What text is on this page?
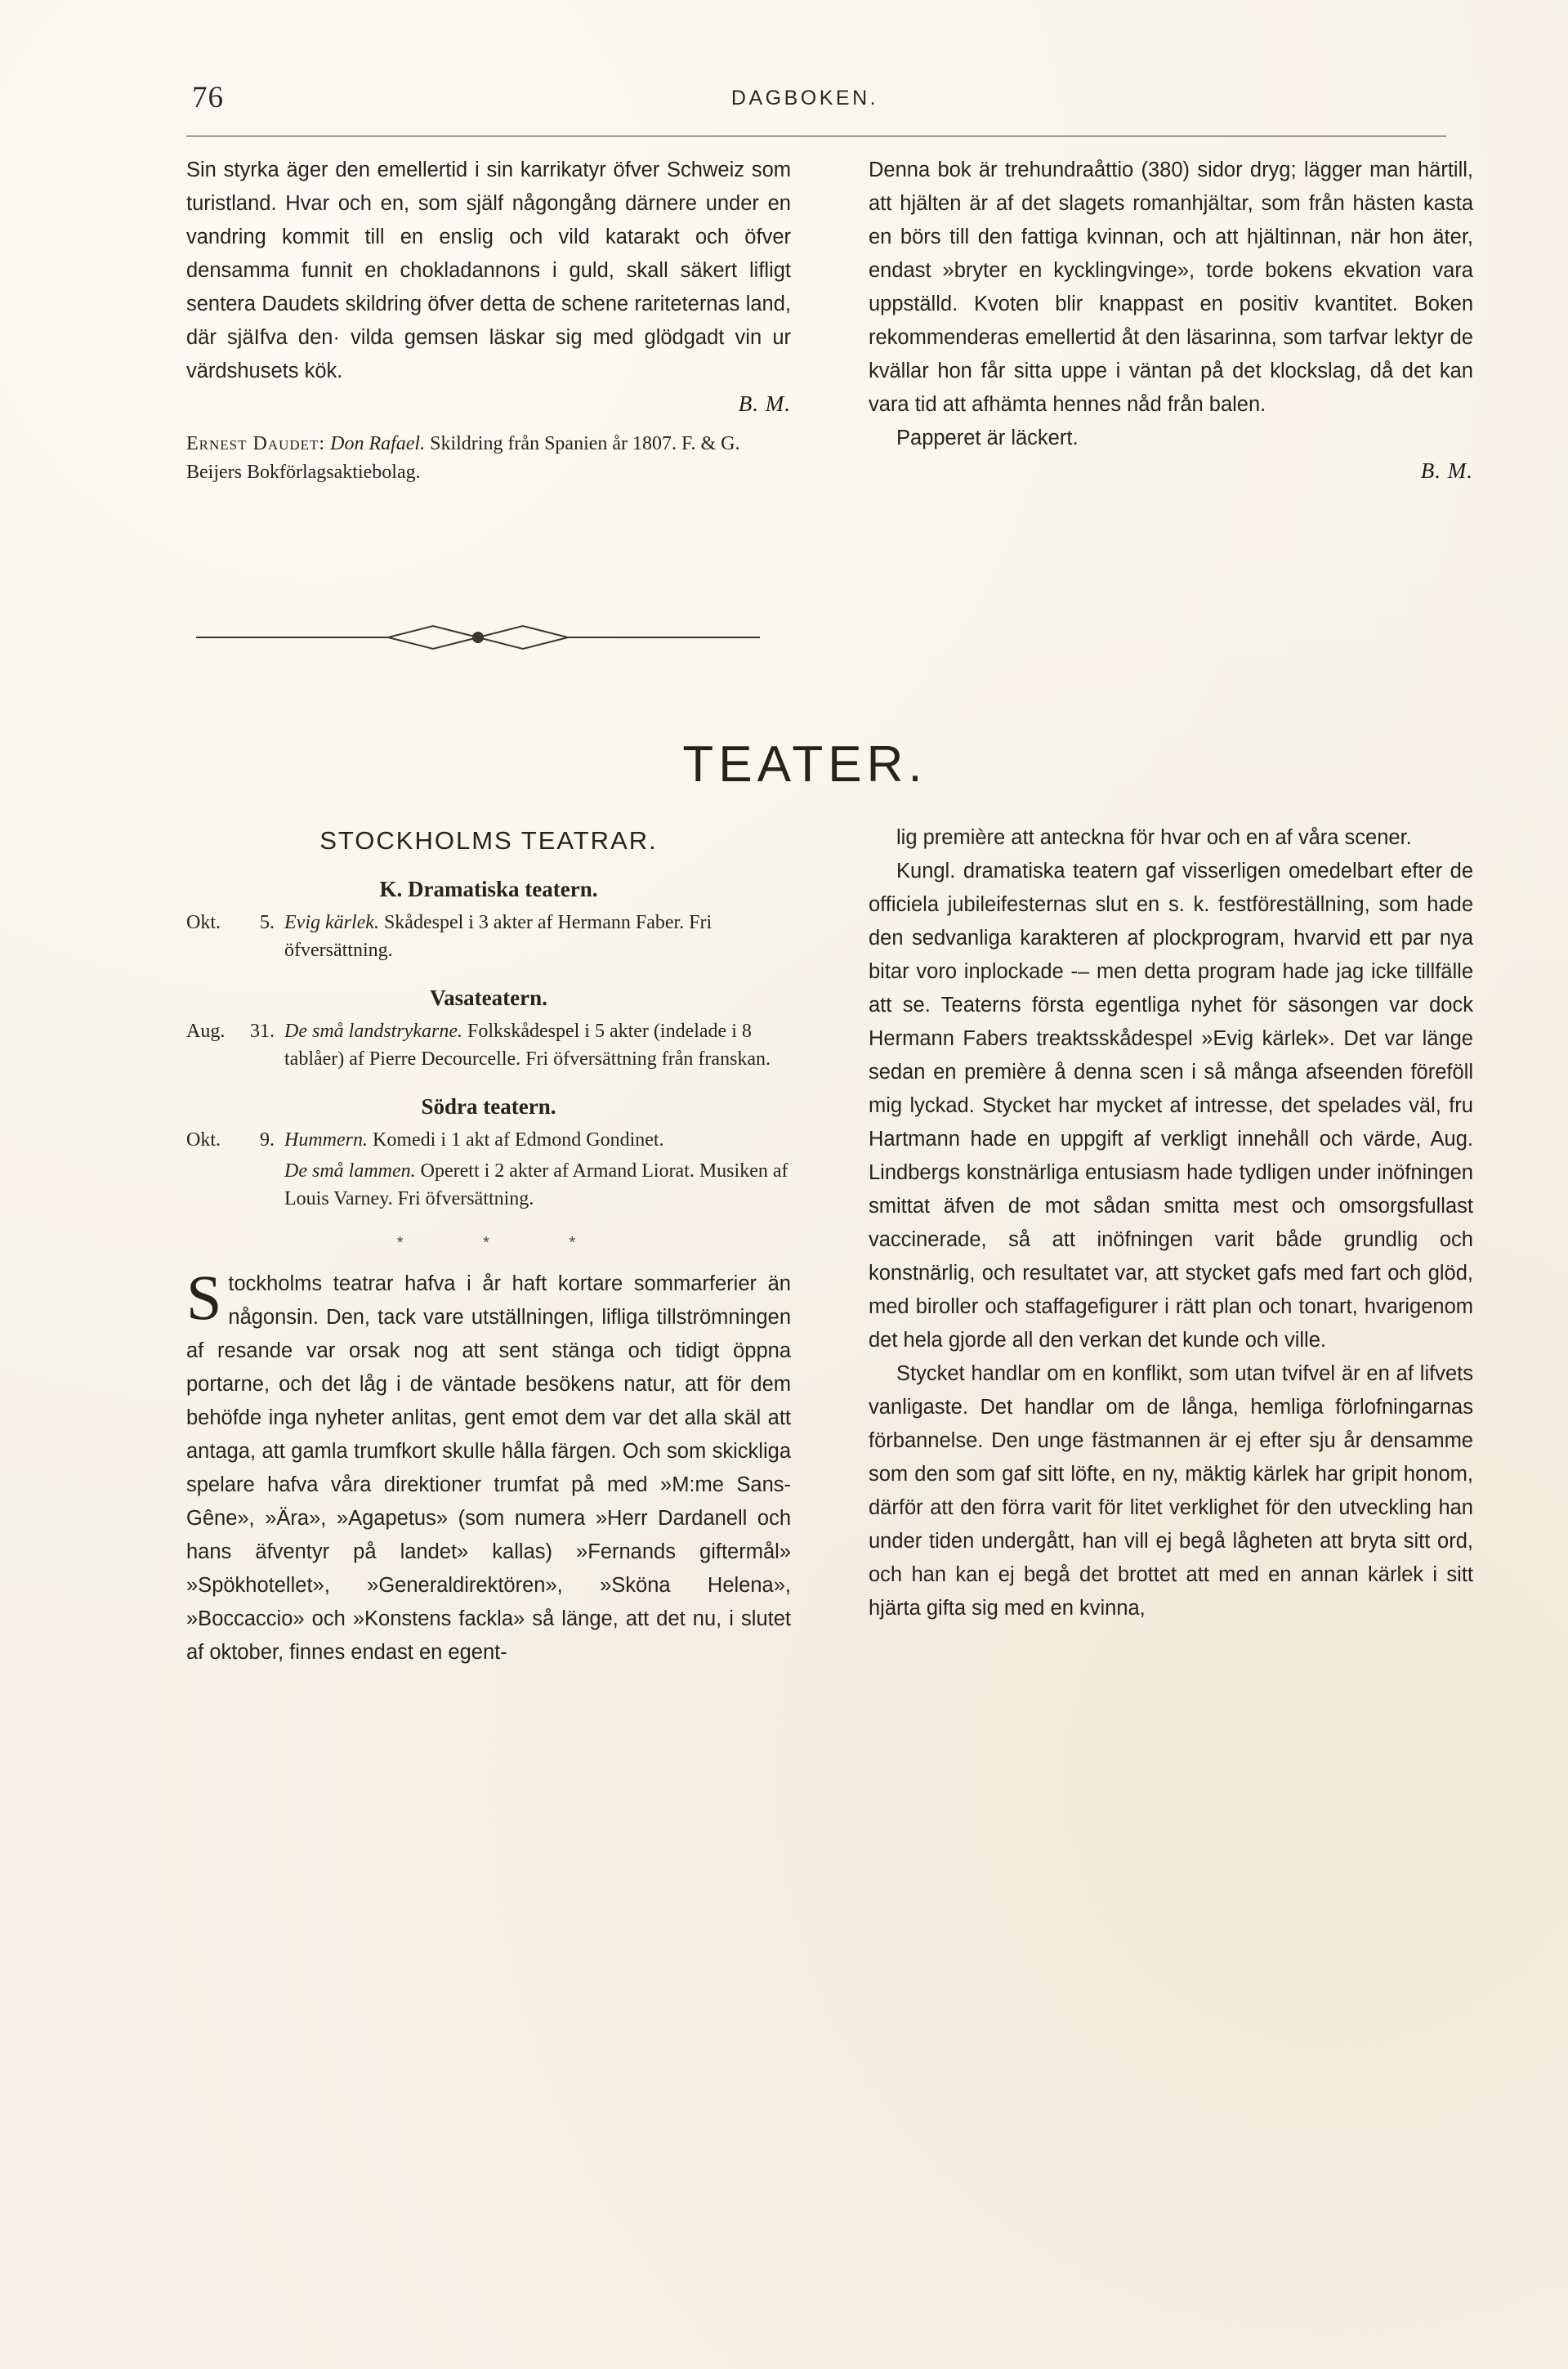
76	DAGBOKEN.

Sin styrka äger den emellertid i sin karrikatyr öfver Schweiz som turistland. Hvar och en, som själf någongång därnere under en vandring kommit till en enslig och vild katarakt och öfver densamma funnit en chokladannons i guld, skall säkert lifligt sentera Daudets skildring öfver detta de schene rariteternas land, där sjäIfva den· vilda gemsen läskar sig med glödgadt vin ur värdshusets kök.

B. M.
Ernest Daudet: Don Rafael. Skildring från Spanien år 1807. F. & G. Beijers Bokförlagsaktiebolag.

Denna bok är trehundraåttio (380) sidor dryg; lägger man härtill, att hjälten är af det slagets romanhjältar, som från hästen kasta en börs till den fattiga kvinnan, och att hjältinnan, när hon äter, endast »bryter en kycklingvinge», torde bokens ekvation vara uppställd. Kvoten blir knappast en positiv kvantitet. Boken rekommenderas emellertid åt den läsarinna, som tarfvar lektyr de kvällar hon får sitta uppe i väntan på det klockslag, då det kan vara tid att afhämta hennes nåd från balen.

Papperet är läckert.

B. M.
TEATER.
STOCKHOLMS TEATRAR.
K. Dramatiska teatern.
Okt. 5. Evig kärlek. Skådespel i 3 akter af Hermann Faber. Fri öfversättning.
Vasateatern.
Aug. 31. De små landstrykarne. Folkskådespel i 5 akter (indelade i 8 tablåer) af Pierre Decourcelle. Fri öfversättning från franskan.
Södra teatern.
Okt. 9. Hummern. Komedi i 1 akt af Edmond Gondinet.
De små lammen. Operett i 2 akter af Armand Liorat. Musiken af Louis Varney. Fri öfversättning.
* * *

Stockholms teatrar hafva i år haft kortare sommarferier än någonsin. Den, tack vare utställningen, lifliga tillströmningen af resande var orsak nog att sent stänga och tidigt öppna portarne, och det låg i de väntade besökens natur, att för dem behöfde inga nyheter anlitas, gent emot dem var det alla skäl att antaga, att gamla trumfkort skulle hålla färgen. Och som skickliga spelare hafva våra direktioner trumfat på med »M:me Sans-Gêne», »Ära», »Agapetus» (som numera »Herr Dardanell och hans äfventyr på landet» kallas) »Fernands giftermål» »Spökhotellet», »Generaldirektören», »Sköna Helena», »Boccaccio» och »Konstens fackla» så länge, att det nu, i slutet af oktober, finnes endast en egent-

lig première att anteckna för hvar och en af våra scener.

Kungl. dramatiska teatern gaf visserligen omedelbart efter de officiela jubileifesternas slut en s. k. festföreställning, som hade den sedvanliga karakteren af plockprogram, hvarvid ett par nya bitar voro inplockade -– men detta program hade jag icke tillfälle att se. Teaterns första egentliga nyhet för säsongen var dock Hermann Fabers treaktsskådespel »Evig kärlek». Det var länge sedan en première å denna scen i så många afseenden föreföll mig lyckad. Stycket har mycket af intresse, det spelades väl, fru Hartmann hade en uppgift af verkligt innehåll och värde, Aug. Lindbergs konstnärliga entusiasm hade tydligen under inöfningen smittat äfven de mot sådan smitta mest och omsorgsfullast vaccinerade, så att inöfningen varit både grundlig och konstnärlig, och resultatet var, att stycket gafs med fart och glöd, med biroller och staffagefigurer i rätt plan och tonart, hvarigenom det hela gjorde all den verkan det kunde och ville.

Stycket handlar om en konflikt, som utan tvifvel är en af lifvets vanligaste. Det handlar om de långa, hemliga förlofningarnas förbannelse. Den unge fästmannen är ej efter sju år densamme som den som gaf sitt löfte, en ny, mäktig kärlek har gripit honom, därför att den förra varit för litet verklighet för den utveckling han under tiden undergått, han vill ej begå lågheten att bryta sitt ord, och han kan ej begå det brottet att med en annan kärlek i sitt hjärta gifta sig med en kvinna,
